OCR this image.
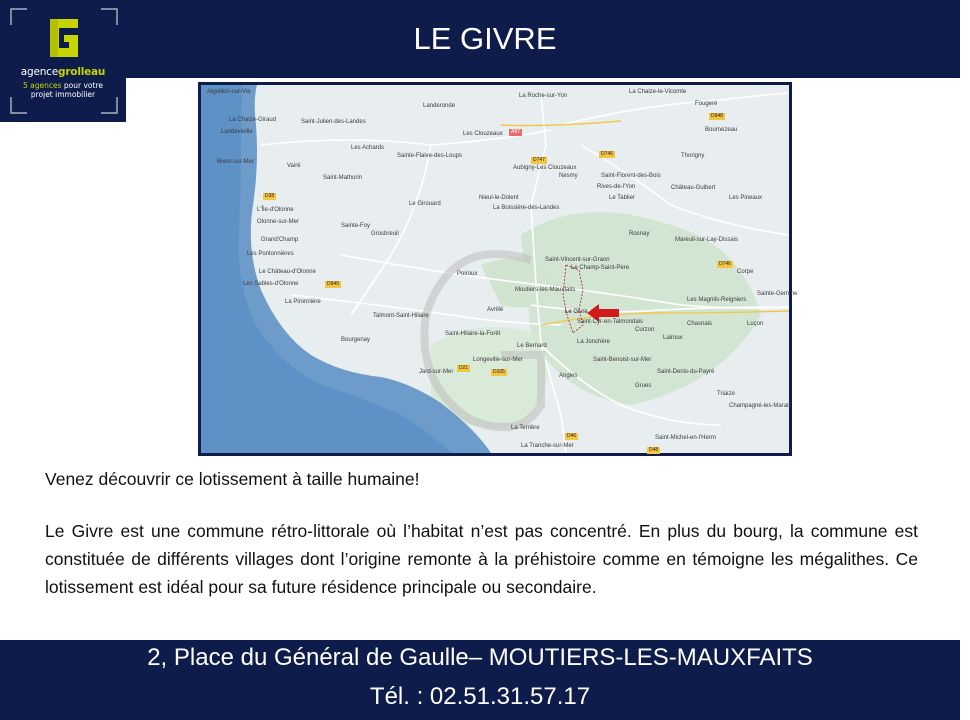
agencegrolleau
5 agences pour votre
projet immobilier
LE GIVRE
Aiguillon-sur-Vie
Landeronde
La Roche-sur-Yon
La Chaize-le-Vicomte
La Chaize-Giraud	Saint-Julien-des-Landes
Les Clouzeaux
Fougeré
Landevieille
Brem-sur-Mer
Les Achards
Sainte-Flaive-des-Loups
Aubigny-Les Clouzeaux
Nesmy	Saint-Florent-des-Bois
Thorigny
Vairé
Rives-de-l'Yon
Bournezeau
L'Île-d'Olonne
Saint-Mathurin
Nieul-le-Dolent
Le Girouard
La Boissière-des-Landes
Le Tablier
Château-Guibert
Les Pineaux
Olonne-sur-Mer
Grand'Champ
Les Pontonnières
Sainte-Foy
Grosbreuil	Rosnay
Mareuil-sur-Lay-Dissais
Le Château-d'Olonne
Les Sables-d'Olonne
Saint-Vincent-sur-Graon
Le Champ-Saint-Père
Corpe
Poiroux
Moutiers-les-Mauxfaits
Les Magnils-Reigniers
La Pironnière
Talmont-Saint-Hilaire
Avrillé
Saint-Cyr-en-Talmondais
Curzon
Chasnais
Lairoux
Luçon
Saint-Hilaire-la-Forêt
Le Bernard
La Jonchère
Saint-Benoist-sur-Mer
Bourgenay
Longeville-sur-Mer
Jard-sur-Mer	Saint-Denis-du-Payré
Grues
Angles
Triaize
Champagné-les-Marais
La Terrière
La Tranche-sur-Mer
Saint-Michel-en-l'Herm
Sainte-Gemme
Le Givre
D948
A87
D747
D746
D38
D949
D21
D105
D746
D48
D46
Venez découvrir ce lotissement à taille humaine!
Le Givre est une commune rétro-littorale où l’habitat n’est pas concentré. En plus du bourg, la commune est constituée de différents villages dont l’origine remonte à la préhistoire comme en témoigne les mégalithes. Ce lotissement est idéal pour sa future résidence principale ou secondaire.
2, Place du Général de Gaulle– MOUTIERS-LES-MAUXFAITS
Tél. : 02.51.31.57.17
